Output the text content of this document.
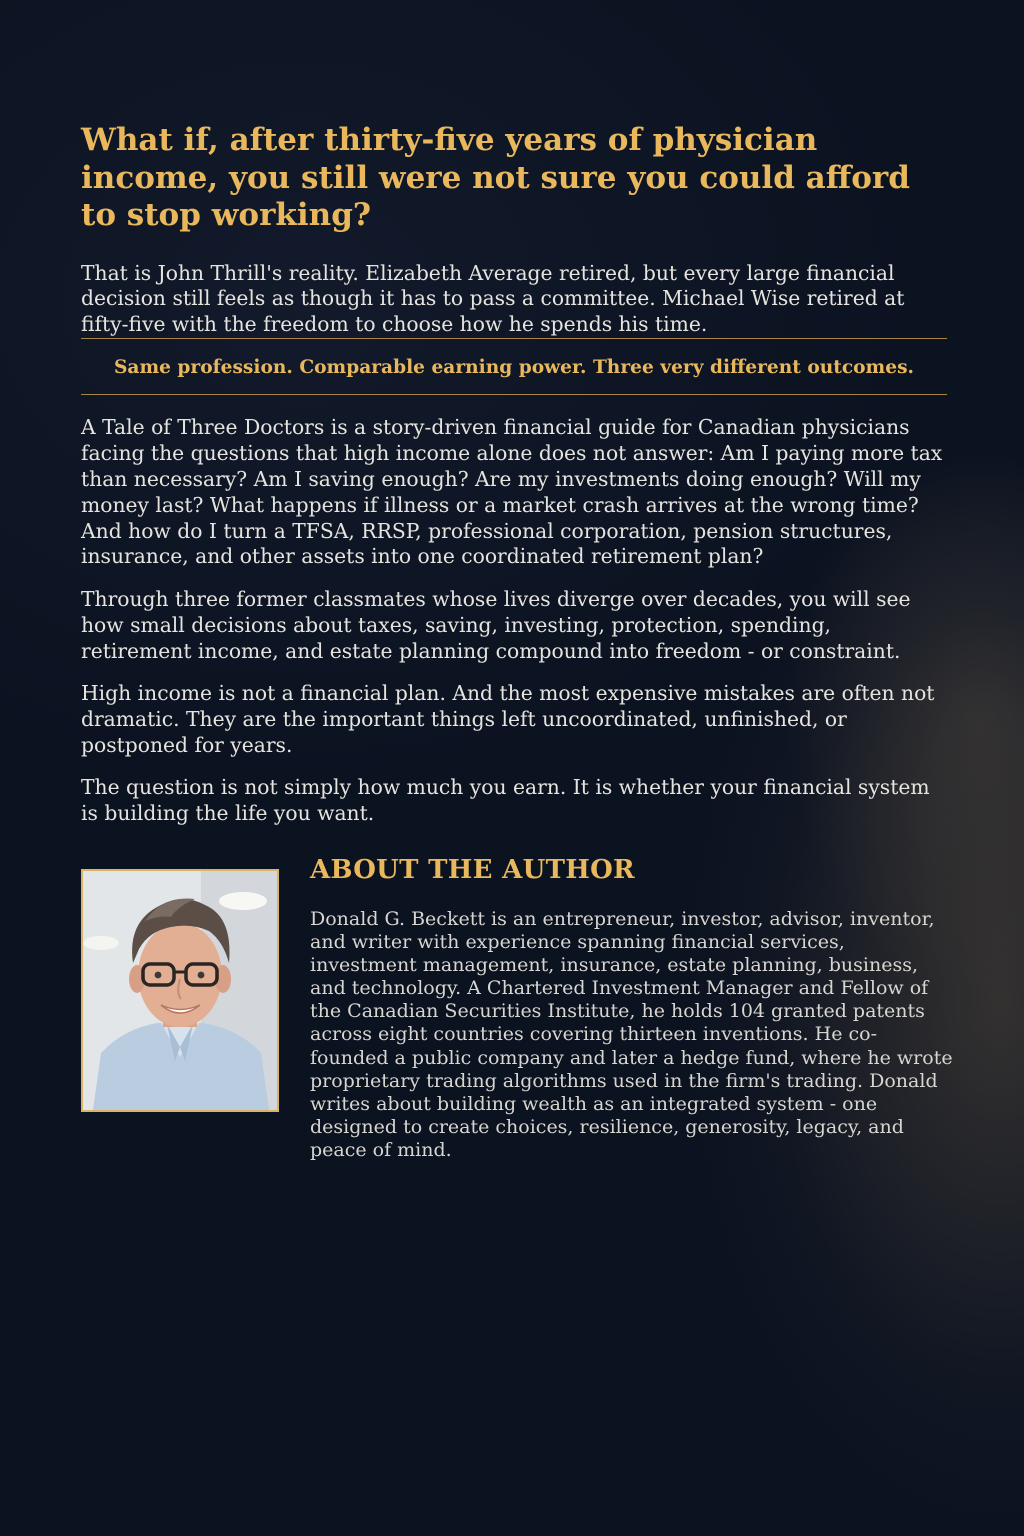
What if, after thirty-five years of physician income, you still were not sure you could afford to stop working?

That is John Thrill's reality. Elizabeth Average retired, but every large financial decision still feels as though it has to pass a committee. Michael Wise retired at fifty-five with the freedom to choose how he spends his time.

Same profession. Comparable earning power. Three very different outcomes.

A Tale of Three Doctors is a story-driven financial guide for Canadian physicians facing the questions that high income alone does not answer: Am I paying more tax than necessary? Am I saving enough? Are my investments doing enough? Will my money last? What happens if illness or a market crash arrives at the wrong time? And how do I turn a TFSA, RRSP, professional corporation, pension structures, insurance, and other assets into one coordinated retirement plan?

Through three former classmates whose lives diverge over decades, you will see how small decisions about taxes, saving, investing, protection, spending, retirement income, and estate planning compound into freedom - or constraint.

High income is not a financial plan. And the most expensive mistakes are often not dramatic. They are the important things left uncoordinated, unfinished, or postponed for years.

The question is not simply how much you earn. It is whether your financial system is building the life you want.

ABOUT THE AUTHOR

Donald G. Beckett is an entrepreneur, investor, advisor, inventor, and writer with experience spanning financial services, investment management, insurance, estate planning, business, and technology. A Chartered Investment Manager and Fellow of the Canadian Securities Institute, he holds 104 granted patents across eight countries covering thirteen inventions. He co-founded a public company and later a hedge fund, where he wrote proprietary trading algorithms used in the firm's trading. Donald writes about building wealth as an integrated system - one designed to create choices, resilience, generosity, legacy, and peace of mind.
